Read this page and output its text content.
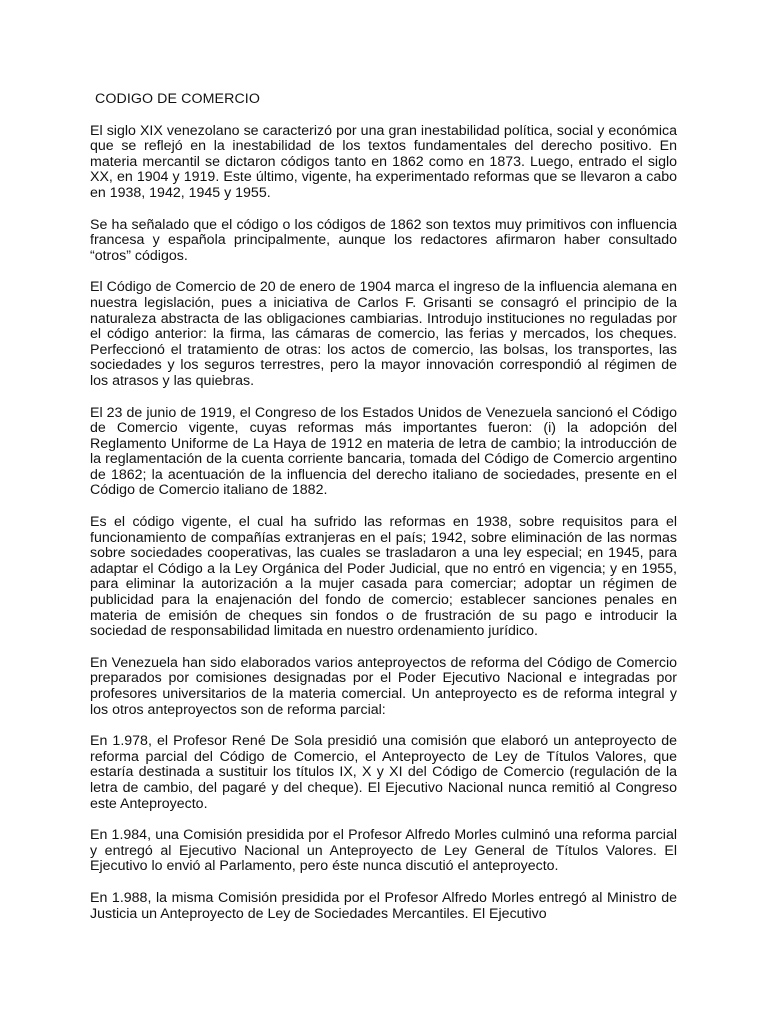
CODIGO DE COMERCIO

El siglo XIX venezolano se caracterizó por una gran inestabilidad política, social y económica que se reflejó en la inestabilidad de los textos fundamentales del derecho positivo. En materia mercantil se dictaron códigos tanto en 1862 como en 1873. Luego, entrado el siglo XX, en 1904 y 1919. Este último, vigente, ha experimentado reformas que se llevaron a cabo en 1938, 1942, 1945 y 1955.

Se ha señalado que el código o los códigos de 1862 son textos muy primitivos con influencia francesa y española principalmente, aunque los redactores afirmaron haber consultado “otros” códigos.

El Código de Comercio de 20 de enero de 1904 marca el ingreso de la influencia alemana en nuestra legislación, pues a iniciativa de Carlos F. Grisanti se consagró el principio de la naturaleza abstracta de las obligaciones cambiarias. Introdujo instituciones no reguladas por el código anterior: la firma, las cámaras de comercio, las ferias y mercados, los cheques. Perfeccionó el tratamiento de otras: los actos de comercio, las bolsas, los transportes, las sociedades y los seguros terrestres, pero la mayor innovación correspondió al régimen de los atrasos y las quiebras.

El 23 de junio de 1919, el Congreso de los Estados Unidos de Venezuela sancionó el Código de Comercio vigente, cuyas reformas más importantes fueron: (i) la adopción del Reglamento Uniforme de La Haya de 1912 en materia de letra de cambio; la introducción de la reglamentación de la cuenta corriente bancaria, tomada del Código de Comercio argentino de 1862; la acentuación de la influencia del derecho italiano de sociedades, presente en el Código de Comercio italiano de 1882.

Es el código vigente, el cual ha sufrido las reformas en 1938, sobre requisitos para el funcionamiento de compañías extranjeras en el país; 1942, sobre eliminación de las normas sobre sociedades cooperativas, las cuales se trasladaron a una ley especial; en 1945, para adaptar el Código a la Ley Orgánica del Poder Judicial, que no entró en vigencia; y en 1955, para eliminar la autorización a la mujer casada para comerciar; adoptar un régimen de publicidad para la enajenación del fondo de comercio; establecer sanciones penales en materia de emisión de cheques sin fondos o de frustración de su pago e introducir la sociedad de responsabilidad limitada en nuestro ordenamiento jurídico.

En Venezuela han sido elaborados varios anteproyectos de reforma del Código de Comercio preparados por comisiones designadas por el Poder Ejecutivo Nacional e integradas por profesores universitarios de la materia comercial. Un anteproyecto es de reforma integral y los otros anteproyectos son de reforma parcial:

En 1.978, el Profesor René De Sola presidió una comisión que elaboró un anteproyecto de reforma parcial del Código de Comercio, el Anteproyecto de Ley de Títulos Valores, que estaría destinada a sustituir los títulos IX, X y XI del Código de Comercio (regulación de la letra de cambio, del pagaré y del cheque). El Ejecutivo Nacional nunca remitió al Congreso este Anteproyecto.

En 1.984, una Comisión presidida por el Profesor Alfredo Morles culminó una reforma parcial y entregó al Ejecutivo Nacional un Anteproyecto de Ley General de Títulos Valores. El Ejecutivo lo envió al Parlamento, pero éste nunca discutió el anteproyecto.

En 1.988, la misma Comisión presidida por el Profesor Alfredo Morles entregó al Ministro de Justicia un Anteproyecto de Ley de Sociedades Mercantiles. El Ejecutivo
